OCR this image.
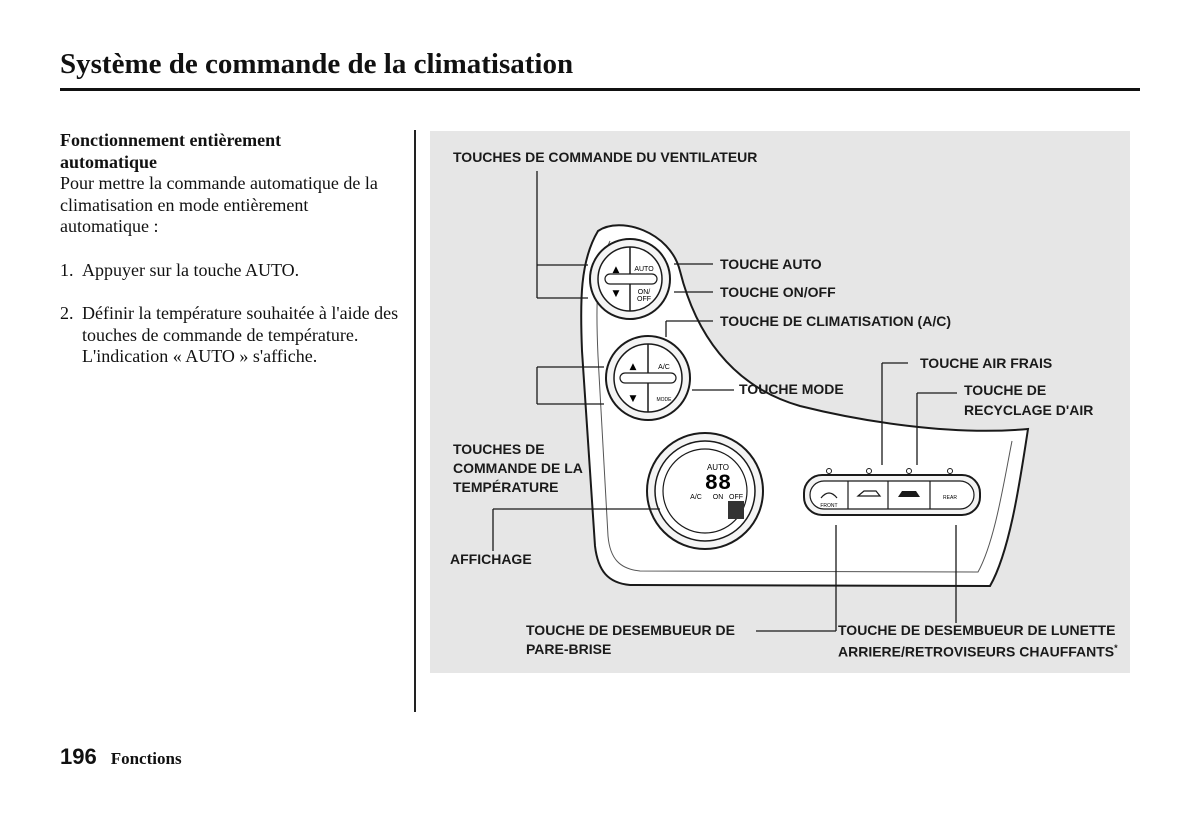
Système de commande de la climatisation
Fonctionnement entièrement
automatique

Pour mettre la commande automatique de la climatisation en mode entièrement automatique :

1. Appuyer sur la touche AUTO.
2. Définir la température souhaitée à l'aide des touches de commande de température. L'indication « AUTO » s'affiche.
▲
▼
AUTO
ON/
OFF
▲
▼
A/C
MODE
AUTO
88
A/C ON OFF
FRONT
REAR
TOUCHES DE COMMANDE DU VENTILATEUR
TOUCHE AUTO
TOUCHE ON/OFF
TOUCHE DE CLIMATISATION (A/C)
TOUCHE AIR FRAIS
TOUCHE DE
RECYCLAGE D'AIR
TOUCHE MODE
TOUCHES DE
COMMANDE DE LA
TEMPÉRATURE
AFFICHAGE
TOUCHE DE DESEMBUEUR DE
PARE-BRISE
TOUCHE DE DESEMBUEUR DE LUNETTE
ARRIERE/RETROVISEURS CHAUFFANTS*
196 Fonctions
